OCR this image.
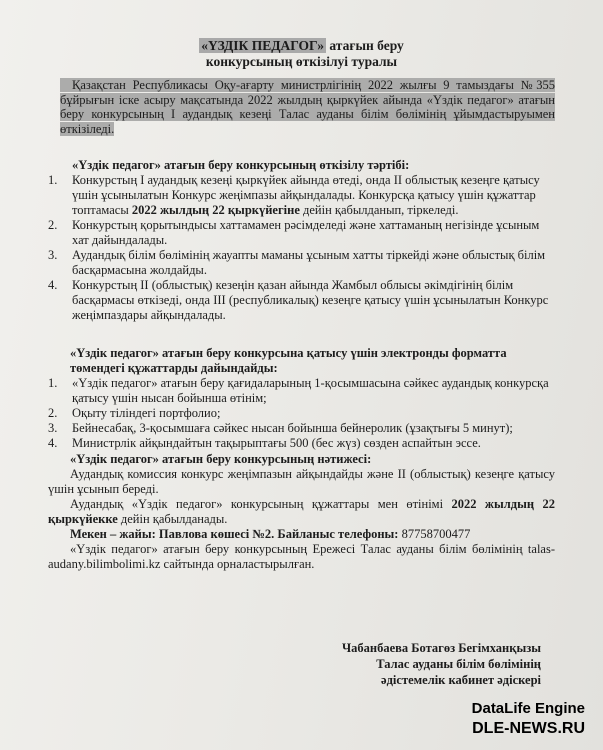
«ҮЗДІК ПЕДАГОГ» атағын беру
конкурсының өткізілуі туралы
Қазақстан Республикасы Оқу-ағарту министрлігінің 2022 жылғы 9 тамыздағы №355 бұйрығын іске асыру мақсатында 2022 жылдың қыркүйек айында «Үздік педагог» атағын беру конкурсының І аудандық кезеңі Талас ауданы білім бөлімінің ұйымдастыруымен өткізіледі.
«Үздік педагог» атағын беру конкурсының өткізілу тәртібі:
1. Конкурстың І аудандық кезеңі қыркүйек айында өтеді, онда ІІ облыстық кезеңге қатысу үшін ұсынылатын Конкурс жеңімпазы айқындалады. Конкурсқа қатысу үшін құжаттар топтамасы 2022 жылдың 22 қыркүйегіне дейін қабылданып, тіркеледі.
2. Конкурстың қорытындысы хаттамамен рәсімделеді және хаттаманың негізінде ұсыным хат дайындалады.
3. Аудандық білім бөлімінің жауапты маманы ұсыным хатты тіркейді және облыстық білім басқармасына жолдайды.
4. Конкурстың ІІ (облыстық) кезеңін қазан айында Жамбыл облысы әкімдігінің білім басқармасы өткізеді, онда ІІІ (республикалық) кезеңге қатысу үшін ұсынылатын Конкурс жеңімпаздары айқындалады.
«Үздік педагог» атағын беру конкурсына қатысу үшін электронды форматта төмендегі құжаттарды дайындайды:
1. «Үздік педагог» атағын беру қағидаларының 1-қосымшасына сәйкес аудандық конкурсқа қатысу үшін нысан бойынша өтінім;
2. Оқыту тіліндегі портфолио;
3. Бейнесабақ, 3-қосымшаға сәйкес нысан бойынша бейнеролик (ұзақтығы 5 минут);
4. Министрлік айқындайтын тақырыптағы 500 (бес жүз) сөзден аспайтын эссе.
«Үздік педагог» атағын беру конкурсының нәтижесі:
Аудандық комиссия конкурс жеңімпазын айқындайды және ІІ (облыстық) кезеңге қатысу үшін ұсынып береді.
Аудандық «Үздік педагог» конкурсының құжаттары мен өтінімі 2022 жылдың 22 қыркүйекке дейін қабылданады.
Мекен – жайы: Павлова көшесі №2. Байланыс телефоны: 87758700477
«Үздік педагог» атағын беру конкурсының Ережесі Талас ауданы білім бөлімінің talas-audany.bilimbolimi.kz сайтында орналастырылған.
Чабанбаева Ботагөз Бегімханқызы
Талас ауданы білім бөлімінің
әдістемелік кабинет әдіскері
DataLife Engine
DLE-NEWS.RU
